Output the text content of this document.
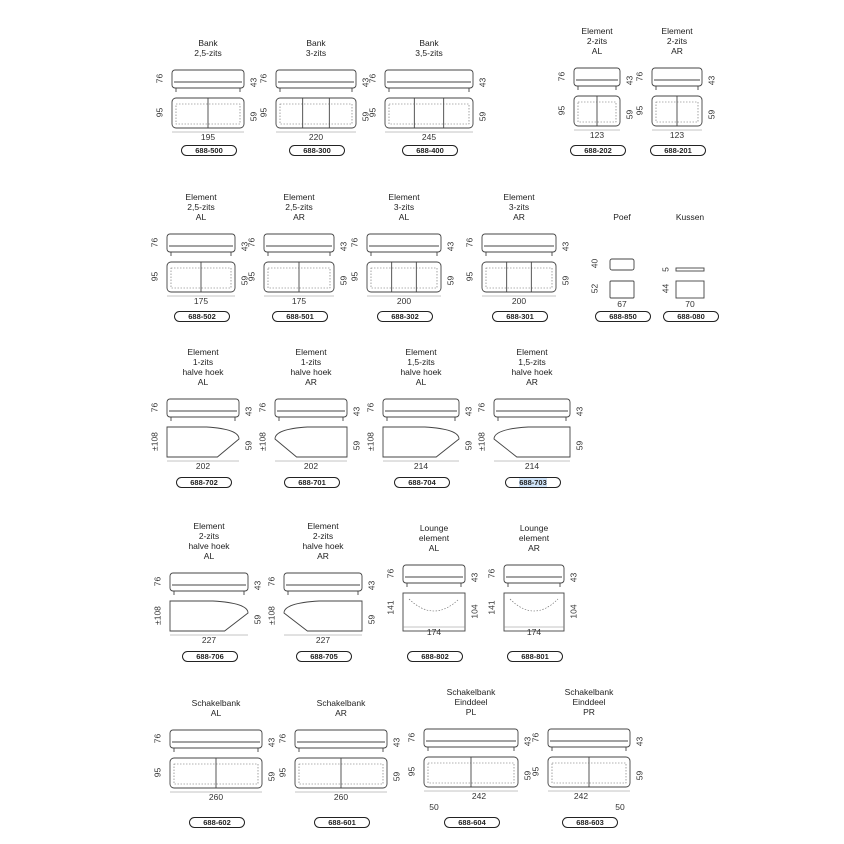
Bank
2,5-zits
76	43
95	59
195
688-500
Bank
3-zits
76	43
95	59
220
688-300
Bank
3,5-zits
76	43
95	59
245
688-400
Element
2-zits
AL
76	43
95	59
123
688-202
Element
2-zits
AR
76	43
95	59
123
688-201
Element
2,5-zits
AL
76	43
95	59
175
688-502
Element
2,5-zits
AR
76	43
95	59
175
688-501
Element
3-zits
AL
76	43
95	59
200
688-302
Element
3-zits
AR
76	43
95	59
200
688-301
Poef
40
52
67
688-850
Kussen
5
44
70
688-080
Element
1-zits
halve hoek
AL
76	43
±108	59
202
688-702
Element
1-zits
halve hoek
AR
76	43
±108	59
202
688-701
Element
1,5-zits
halve hoek
AL
76	43
±108	59
214
688-704
Element
1,5-zits
halve hoek
AR
76	43
±108	59
214
688-703
Element
2-zits
halve hoek
AL
76	43
±108	59
227
688-706
Element
2-zits
halve hoek
AR
76	43
±108	59
227
688-705
Lounge
element
AL
76	43
141	104
174
688-802
Lounge
element
AR
76	43
141	104
174
688-801
Schakelbank
AL
76	43
95	59
260
688-602
Schakelbank
AR
76	43
95	59
260
688-601
Schakelbank
Einddeel
PL
76	43
95	59
242
50
688-604
Schakelbank
Einddeel
PR
76	43
95	59
242
50
688-603
